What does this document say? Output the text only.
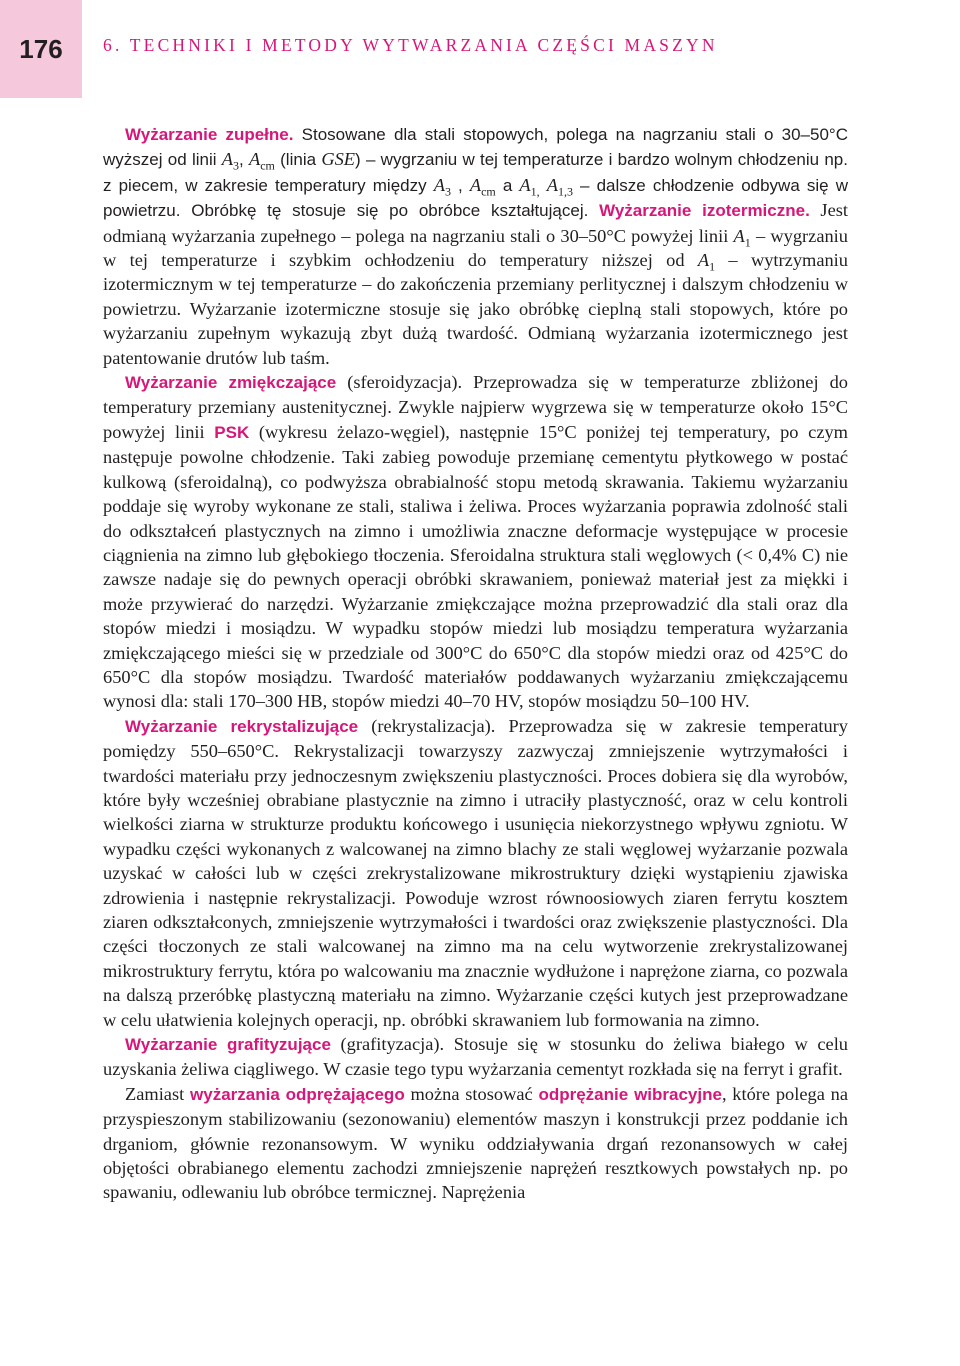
176 6. TECHNIKI I METODY WYTWARZANIA CZĘŚCI MASZYN

Wyżarzanie zupełne. Stosowane dla stali stopowych, polega na nagrzaniu stali o 30–50°C wyższej od linii $A_3$, $A_{cm}$ (linia GSE) – wygrzaniu w tej temperaturze i bardzo wolnym chłodzeniu np. z piecem, w zakresie temperatury między $A_3$ , $A_{cm}$ a $A_{1,}$ $A_{1,3}$ – dalsze chłodzenie odbywa się w powietrzu. Obróbkę tę stosuje się po obróbce kształtującej. Wyżarzanie izotermiczne. Jest odmianą wyżarzania zupełnego – polega na nagrzaniu stali o 30–50°C powyżej linii $A_1$ – wygrzaniu w tej temperaturze i szybkim ochłodzeniu do temperatury niższej od $A_1$ – wytrzymaniu izotermicznym w tej temperaturze – do zakończenia przemiany perlitycznej i dalszym chłodzeniu w powietrzu. Wyżarzanie izotermiczne stosuje się jako obróbkę cieplną stali stopowych, które po wyżarzaniu zupełnym wykazują zbyt dużą twardość. Odmianą wyżarzania izotermicznego jest patentowanie drutów lub taśm.

Wyżarzanie zmiękczające (sferoidyzacja). Przeprowadza się w temperaturze zbliżonej do temperatury przemiany austenitycznej. Zwykle najpierw wygrzewa się w temperaturze około 15°C powyżej linii PSK (wykresu żelazo-węgiel), następnie 15°C poniżej tej temperatury, po czym następuje powolne chłodzenie. Taki zabieg powoduje przemianę cementytu płytkowego w postać kulkową (sferoidalną), co podwyższa obrabialność stopu metodą skrawania. Takiemu wyżarzaniu poddaje się wyroby wykonane ze stali, staliwa i żeliwa. Proces wyżarzania poprawia zdolność stali do odkształceń plastycznych na zimno i umożliwia znaczne deformacje występujące w procesie ciągnienia na zimno lub głębokiego tłoczenia. Sferoidalna struktura stali węglowych (< 0,4% C) nie zawsze nadaje się do pewnych operacji obróbki skrawaniem, ponieważ materiał jest za miękki i może przywierać do narzędzi. Wyżarzanie zmiękczające można przeprowadzić dla stali oraz dla stopów miedzi i mosiądzu. W wypadku stopów miedzi lub mosiądzu temperatura wyżarzania zmiękczającego mieści się w przedziale od 300°C do 650°C dla stopów miedzi oraz od 425°C do 650°C dla stopów mosiądzu. Twardość materiałów poddawanych wyżarzaniu zmiękczającemu wynosi dla: stali 170–300 HB, stopów miedzi 40–70 HV, stopów mosiądzu 50–100 HV.

Wyżarzanie rekrystalizujące (rekrystalizacja). Przeprowadza się w zakresie temperatury pomiędzy 550–650°C. Rekrystalizacji towarzyszy zazwyczaj zmniejszenie wytrzymałości i twardości materiału przy jednoczesnym zwiększeniu plastyczności. Proces dobiera się dla wyrobów, które były wcześniej obrabiane plastycznie na zimno i utraciły plastyczność, oraz w celu kontroli wielkości ziarna w strukturze produktu końcowego i usunięcia niekorzystnego wpływu zgniotu. W wypadku części wykonanych z walcowanej na zimno blachy ze stali węglowej wyżarzanie pozwala uzyskać w całości lub w części zrekrystalizowane mikrostruktury dzięki wystąpieniu zjawiska zdrowienia i następnie rekrystalizacji. Powoduje wzrost równoosiowych ziaren ferrytu kosztem ziaren odkształconych, zmniejszenie wytrzymałości i twardości oraz zwiększenie plastyczności. Dla części tłoczonych ze stali walcowanej na zimno ma na celu wytworzenie zrekrystalizowanej mikrostruktury ferrytu, która po walcowaniu ma znacznie wydłużone i naprężone ziarna, co pozwala na dalszą przeróbkę plastyczną materiału na zimno. Wyżarzanie części kutych jest przeprowadzane w celu ułatwienia kolejnych operacji, np. obróbki skrawaniem lub formowania na zimno.

Wyżarzanie grafityzujące (grafityzacja). Stosuje się w stosunku do żeliwa białego w celu uzyskania żeliwa ciągliwego. W czasie tego typu wyżarzania cementyt rozkłada się na ferryt i grafit.

Zamiast wyżarzania odprężającego można stosować odprężanie wibracyjne, które polega na przyspieszonym stabilizowaniu (sezonowaniu) elementów maszyn i konstrukcji przez poddanie ich drganiom, głównie rezonansowym. W wyniku oddziaływania drgań rezonansowych w całej objętości obrabianego elementu zachodzi zmniejszenie naprężeń resztkowych powstałych np. po spawaniu, odlewaniu lub obróbce termicznej. Naprężenia
